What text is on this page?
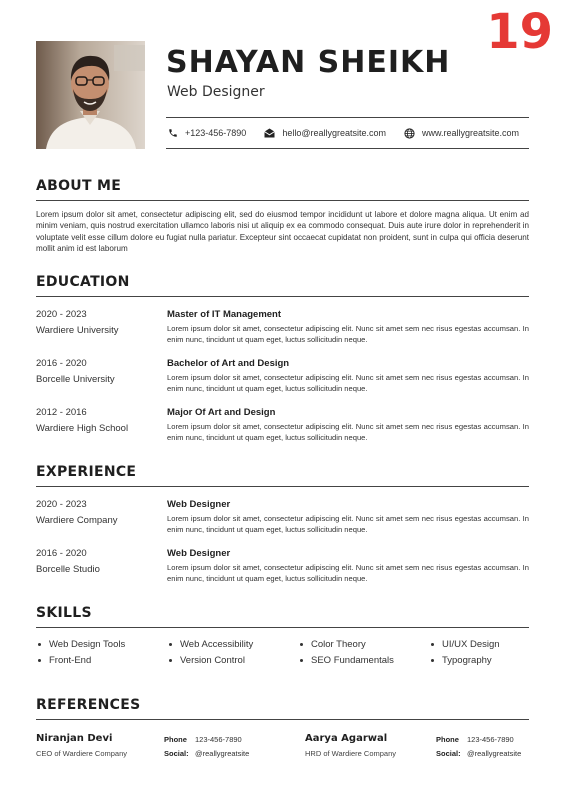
19
SHAYAN SHEIKH
Web Designer
+123-456-7890	hello@reallygreatsite.com	www.reallygreatsite.com
ABOUT ME
Lorem ipsum dolor sit amet, consectetur adipiscing elit, sed do eiusmod tempor incididunt ut labore et dolore magna aliqua. Ut enim ad minim veniam, quis nostrud exercitation ullamco laboris nisi ut aliquip ex ea commodo consequat. Duis aute irure dolor in reprehenderit in voluptate velit esse cillum dolore eu fugiat nulla pariatur. Excepteur sint occaecat cupidatat non proident, sunt in culpa qui officia deserunt mollit anim id est laborum
EDUCATION
2020 - 2023
Wardiere University
Master of IT Management
Lorem ipsum dolor sit amet, consectetur adipiscing elit. Nunc sit amet sem nec risus egestas accumsan. In enim nunc, tincidunt ut quam eget, luctus sollicitudin neque.
2016 - 2020
Borcelle University
Bachelor of Art and Design
Lorem ipsum dolor sit amet, consectetur adipiscing elit. Nunc sit amet sem nec risus egestas accumsan. In enim nunc, tincidunt ut quam eget, luctus sollicitudin neque.
2012 - 2016
Wardiere High School
Major Of Art and Design
Lorem ipsum dolor sit amet, consectetur adipiscing elit. Nunc sit amet sem nec risus egestas accumsan. In enim nunc, tincidunt ut quam eget, luctus sollicitudin neque.
EXPERIENCE
2020 - 2023
Wardiere Company
Web Designer
Lorem ipsum dolor sit amet, consectetur adipiscing elit. Nunc sit amet sem nec risus egestas accumsan. In enim nunc, tincidunt ut quam eget, luctus sollicitudin neque.
2016 - 2020
Borcelle Studio
Web Designer
Lorem ipsum dolor sit amet, consectetur adipiscing elit. Nunc sit amet sem nec risus egestas accumsan. In enim nunc, tincidunt ut quam eget, luctus sollicitudin neque.
SKILLS
Web Design Tools	Web Accessibility	Color Theory	UI/UX Design
Front-End	Version Control	SEO Fundamentals	Typography
REFERENCES
Niranjan Devi
CEO of Wardiere Company
Phone 123-456-7890
Social: @reallygreatsite
Aarya Agarwal
HRD of Wardiere Company
Phone 123-456-7890
Social: @reallygreatsite
